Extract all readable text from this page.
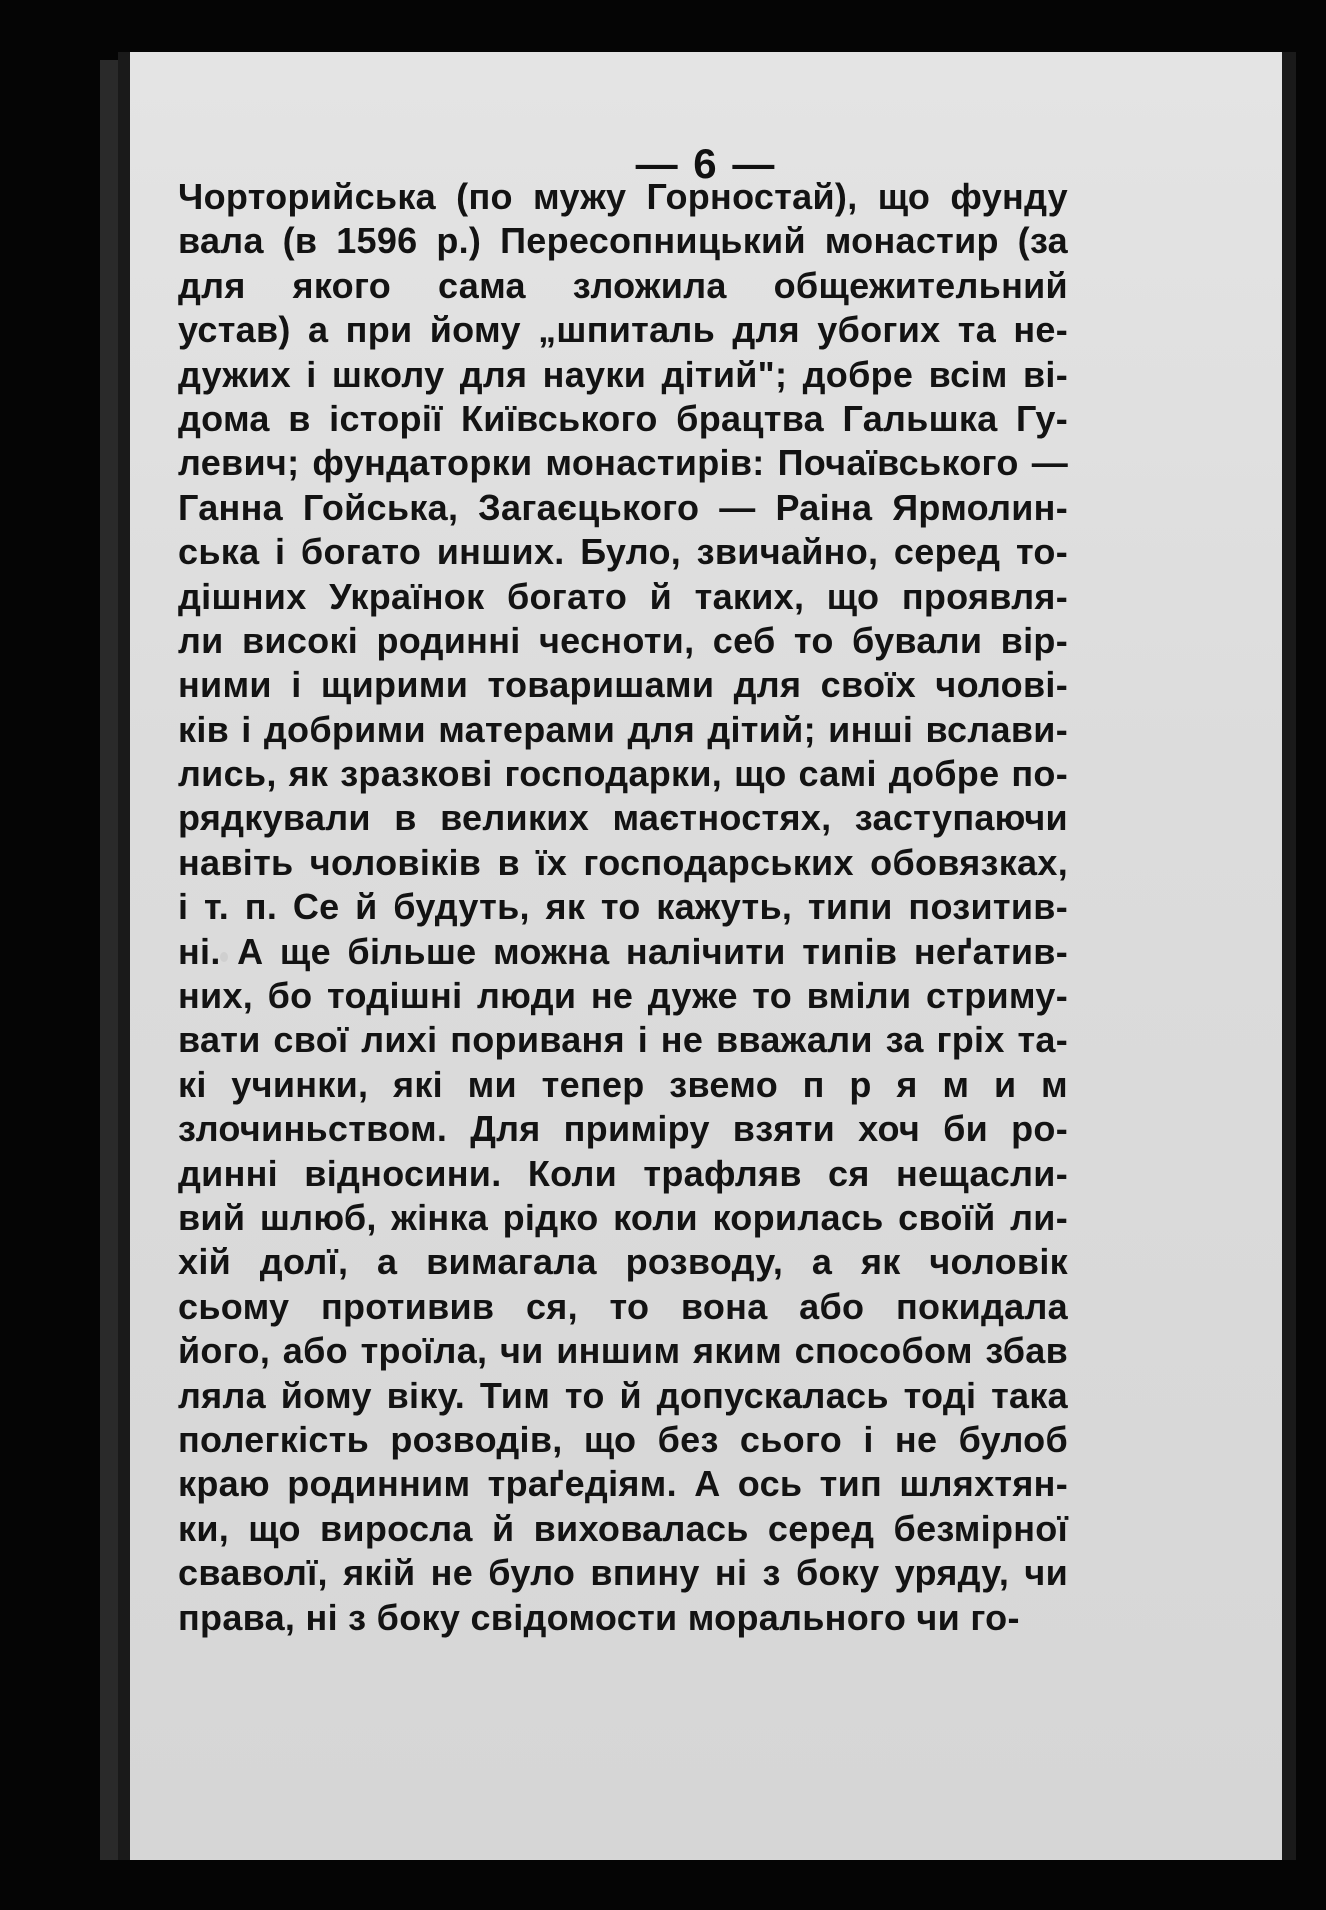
— 6 —
Чорторийська (по мужу Горностай), що фунду
вала (в 1596 р.) Пересопницький монастир (за
для якого сама зложила общежительний
устав) а при йому „шпиталь для убогих та не-
дужих і школу для науки дітий"; добре всім ві-
дома в історії Київського брацтва Гальшка Гу-
левич; фундаторки монастирів: Почаївського —
Ганна Гойська, Загаєцького — Раіна Ярмолин-
ська і богато инших. Було, звичайно, серед то-
дішних Українок богато й таких, що проявля-
ли високі родинні чесноти, себ то бували вір-
ними і щирими товаришами для своїх чолові-
ків і добрими матерами для дітий; инші вслави-
лись, як зразкові господарки, що самі добре по-
рядкували в великих маєтностях, заступаючи
навіть чоловіків в їх господарських обовязках,
і т. п. Се й будуть, як то кажуть, типи позитив-
ні. А ще більше можна налічити типів неґатив-
них, бо тодішні люди не дуже то вміли стриму-
вати свої лихі пориваня і не вважали за гріх та-
кі учинки, які ми тепер звемо п р я м и м
злочиньством. Для приміру взяти хоч би ро-
динні відносини. Коли трафляв ся нещасли-
вий шлюб, жінка рідко коли корилась своїй ли-
хій долї, а вимагала розводу, а як чоловік
сьому противив ся, то вона або покидала
його, або троїла, чи иншим яким способом збав
ляла йому віку. Тим то й допускалась тоді така
полегкість розводів, що без сього і не булоб
краю родинним траґедіям. А ось тип шляхтян-
ки, що виросла й виховалась серед безмірної
сваволї, якій не було впину ні з боку уряду, чи
права, ні з боку свідомости морального чи го-
